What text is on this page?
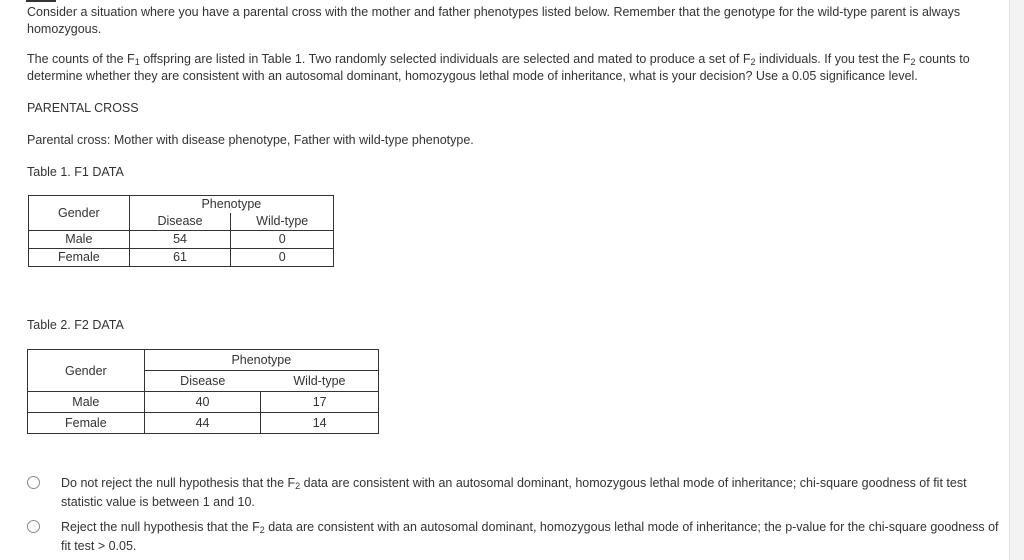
Consider a situation where you have a parental cross with the mother and father phenotypes listed below. Remember that the genotype for the wild-type parent is always homozygous.

The counts of the $F_1$ offspring are listed in Table 1. Two randomly selected individuals are selected and mated to produce a set of $F_2$ individuals. If you test the $F_2$ counts to determine whether they are consistent with an autosomal dominant, homozygous lethal mode of inheritance, what is your decision? Use a 0.05 significance level.

PARENTAL CROSS

Parental cross: Mother with disease phenotype, Father with wild-type phenotype.

Table 1. F1 DATA

Gender	Phenotype	
	Disease	Wild-type
Male	54	0
Female	61	0

Table 2. F2 DATA

Gender	Phenotype	
	Disease	Wild-type
Male	40	17
Female	44	14
Do not reject the null hypothesis that the $F_2$ data are consistent with an autosomal dominant, homozygous lethal mode of inheritance; chi-square goodness of fit test statistic value is between 1 and 10.
Reject the null hypothesis that the $F_2$ data are consistent with an autosomal dominant, homozygous lethal mode of inheritance; the p-value for the chi-square goodness of fit test > 0.05.
